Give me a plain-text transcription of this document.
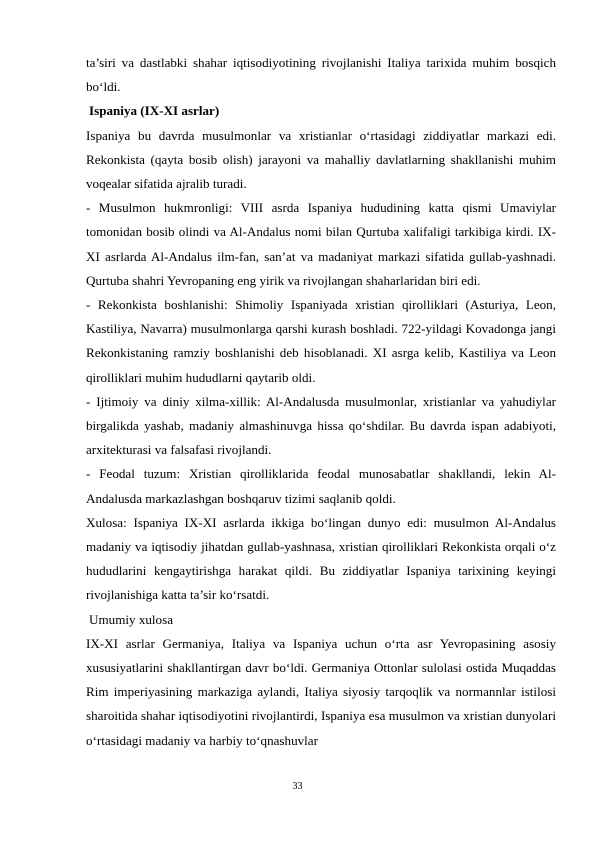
ta’siri va dastlabki shahar iqtisodiyotining rivojlanishi Italiya tarixida muhim bosqich bo‘ldi.

Ispaniya (IX-XI asrlar)

Ispaniya bu davrda musulmonlar va xristianlar o‘rtasidagi ziddiyatlar markazi edi. Rekonkista (qayta bosib olish) jarayoni va mahalliy davlatlarning shakllanishi muhim voqealar sifatida ajralib turadi.

- Musulmon hukmronligi: VIII asrda Ispaniya hududining katta qismi Umaviylar tomonidan bosib olindi va Al-Andalus nomi bilan Qurtuba xalifaligi tarkibiga kirdi. IX-XI asrlarda Al-Andalus ilm-fan, san’at va madaniyat markazi sifatida gullab-yashnadi. Qurtuba shahri Yevropaning eng yirik va rivojlangan shaharlaridan biri edi.

- Rekonkista boshlanishi: Shimoliy Ispaniyada xristian qirolliklari (Asturiya, Leon, Kastiliya, Navarra) musulmonlarga qarshi kurash boshladi. 722-yildagi Kovadonga jangi Rekonkistaning ramziy boshlanishi deb hisoblanadi. XI asrga kelib, Kastiliya va Leon qirolliklari muhim hududlarni qaytarib oldi.

- Ijtimoiy va diniy xilma-xillik: Al-Andalusda musulmonlar, xristianlar va yahudiylar birgalikda yashab, madaniy almashinuvga hissa qo‘shdilar. Bu davrda ispan adabiyoti, arxitekturasi va falsafasi rivojlandi.

- Feodal tuzum: Xristian qirolliklarida feodal munosabatlar shakllandi, lekin Al-Andalusda markazlashgan boshqaruv tizimi saqlanib qoldi.

Xulosa: Ispaniya IX-XI asrlarda ikkiga bo‘lingan dunyo edi: musulmon Al-Andalus madaniy va iqtisodiy jihatdan gullab-yashnasa, xristian qirolliklari Rekonkista orqali o‘z hududlarini kengaytirishga harakat qildi. Bu ziddiyatlar Ispaniya tarixining keyingi rivojlanishiga katta ta’sir ko‘rsatdi.

Umumiy xulosa

IX-XI asrlar Germaniya, Italiya va Ispaniya uchun o‘rta asr Yevropasining asosiy xususiyatlarini shakllantirgan davr bo‘ldi. Germaniya Ottonlar sulolasi ostida Muqaddas Rim imperiyasining markaziga aylandi, Italiya siyosiy tarqoqlik va normannlar istilosi sharoitida shahar iqtisodiyotini rivojlantirdi, Ispaniya esa musulmon va xristian dunyolari o‘rtasidagi madaniy va harbiy to‘qnashuvlar

33
